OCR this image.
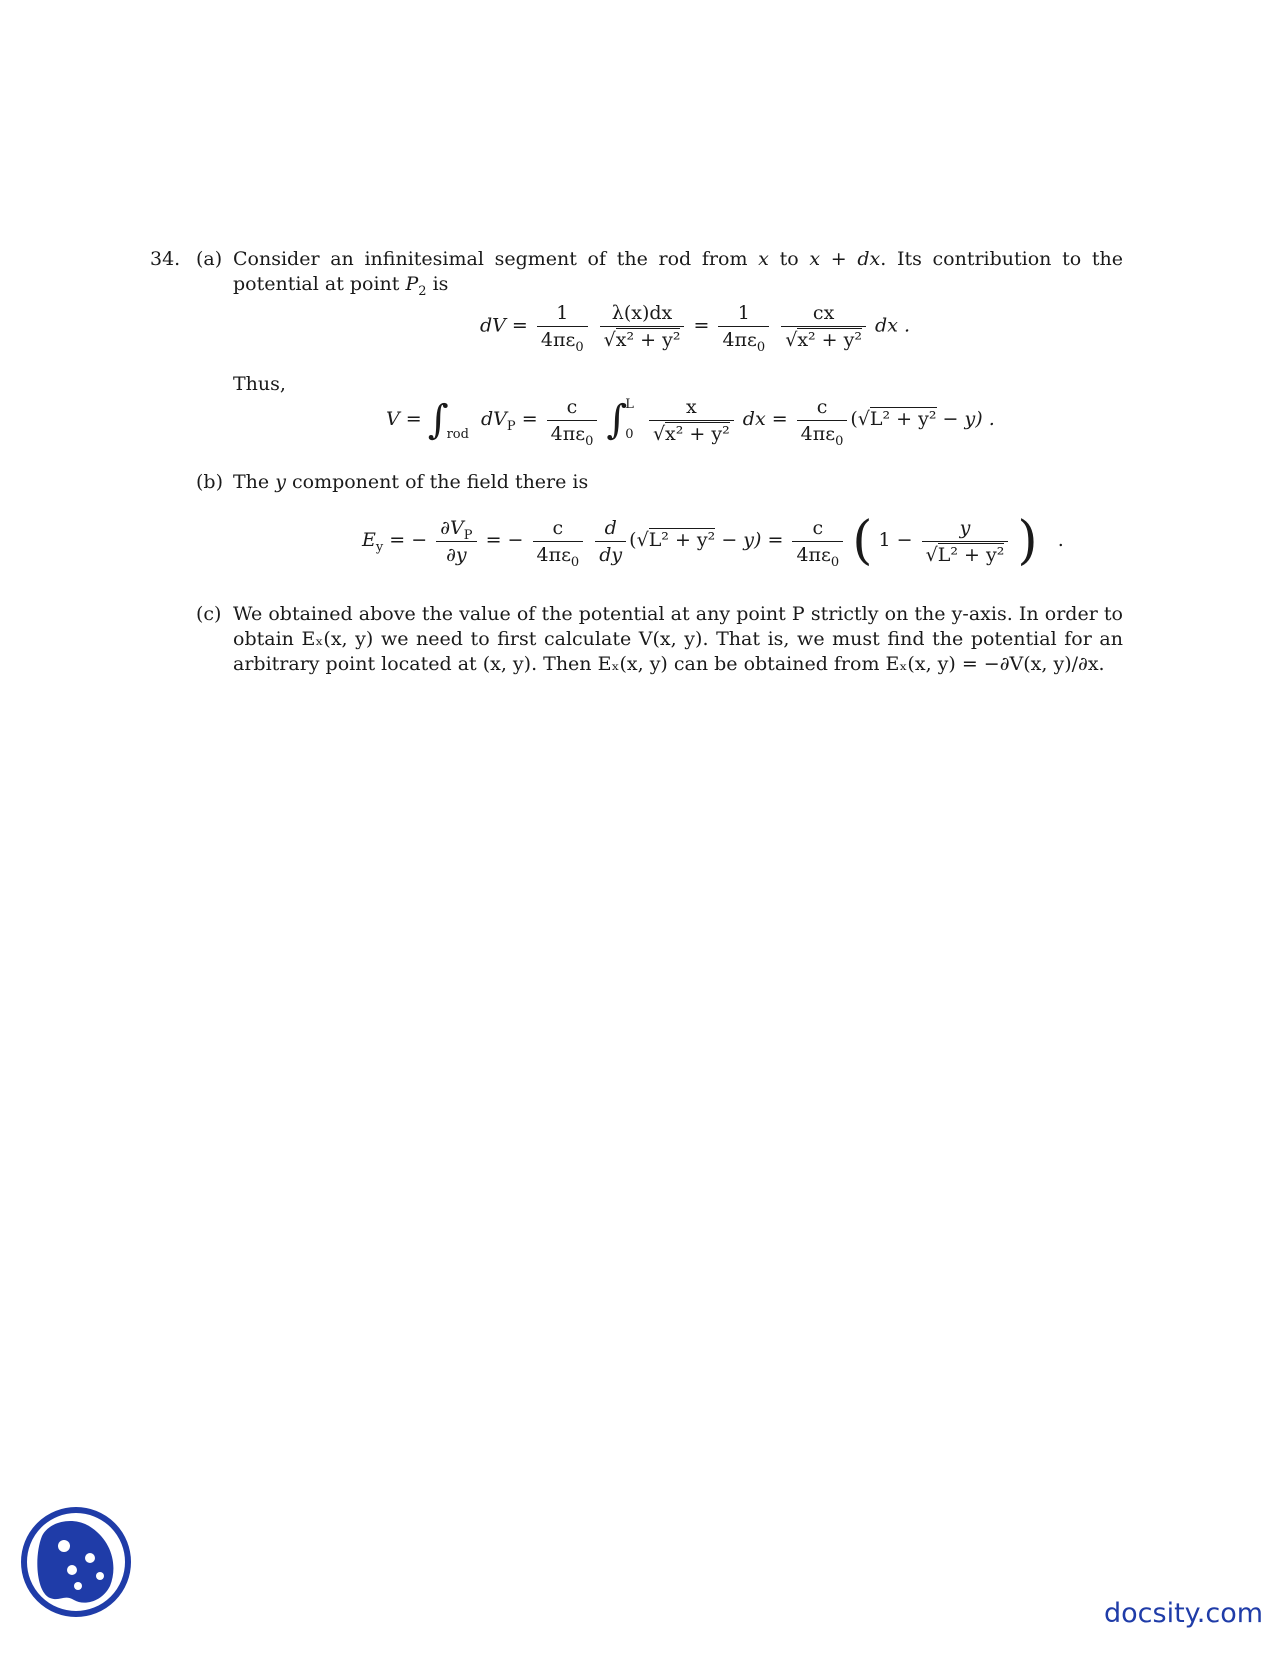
34. (a) Consider an infinitesimal segment of the rod from x to x + dx. Its contribution to the potential at point $P_2$ is
dV = $\frac{1}{4\pi\varepsilon_0}$
$\frac{\lambda(x)dx}{\text{√x² + y²}} = \frac{1}{4\pi\varepsilon_0}$
$\frac{cx}{\text{√x² + y²}}$ dx .
Thus,
V = ∫
rod $dV_P = \frac{c}{4\pi\varepsilon_0} \int L$
$0 \frac{x}{\text{√x² + y²}}$ dx = $\frac{c}{4\pi\varepsilon_0} (√L^2 + y^2 - y)$ .
(b) The y component of the field there is
$E_y$ = − $\frac{\partial V_P}{\partial y}$ = − $\frac{c}{4\pi\varepsilon_0}$
$\frac{d}{dy} (√L^2 + y^2 - y) = \frac{c}{4\pi\varepsilon_0}$ ( $1 - \frac{y}{\text{√L² + y²}}$ ) .
(c) We obtained above the value of the potential at any point P strictly on the y-axis. In order to obtain Eₓ(x, y) we need to first calculate V(x, y). That is, we must find the potential for an arbitrary point located at (x, y). Then Eₓ(x, y) can be obtained from Eₓ(x, y) = −∂V(x, y)/∂x.
docsity.com
